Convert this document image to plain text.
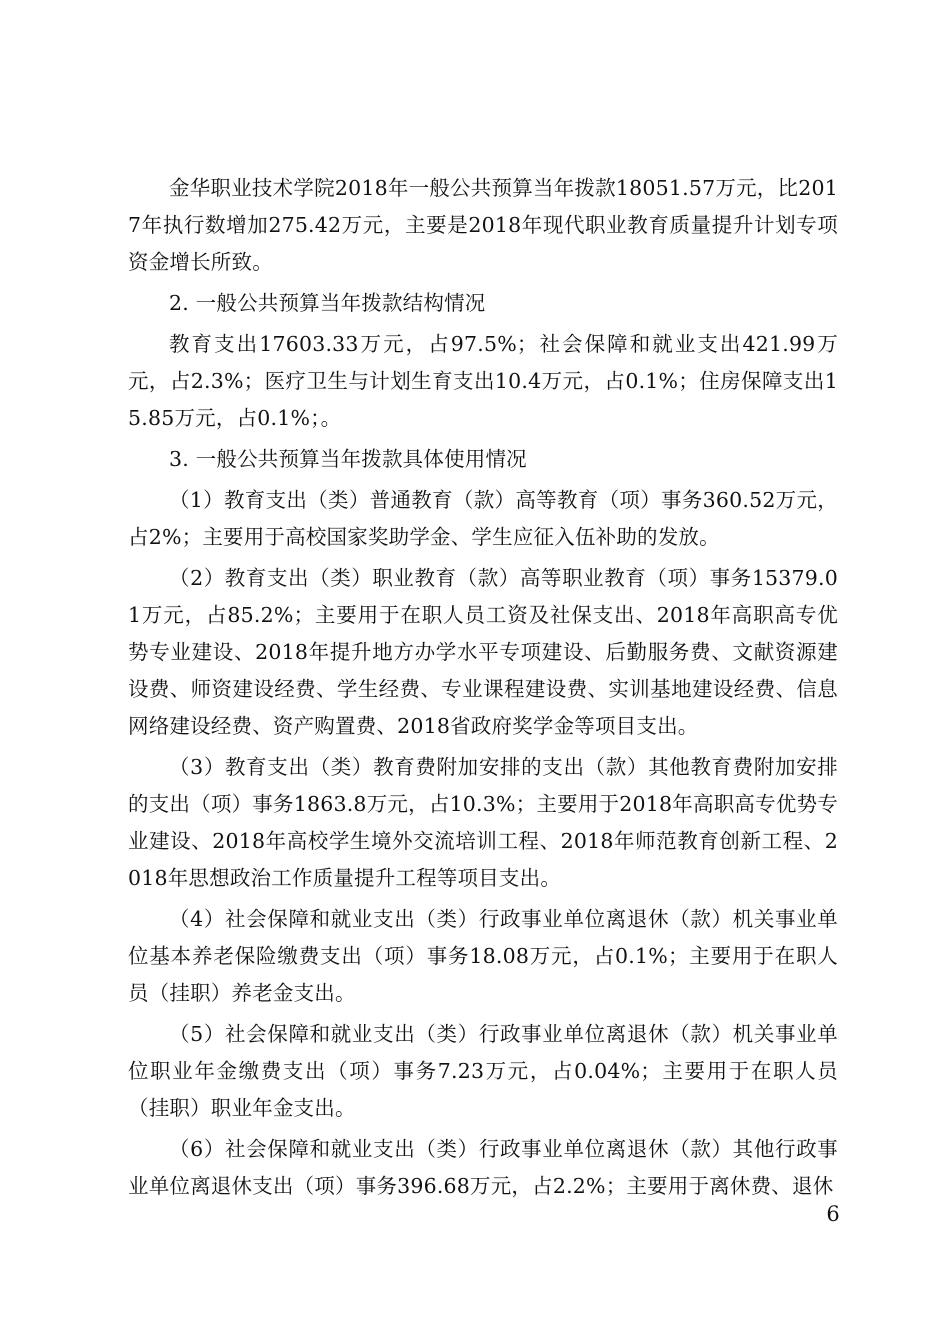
金华职业技术学院2018年一般公共预算当年拨款18051.57万元，比2017年执行数增加275.42万元，主要是2018年现代职业教育质量提升计划专项资金增长所致。

2. 一般公共预算当年拨款结构情况

教育支出17603.33万元，占97.5%；社会保障和就业支出421.99万元，占2.3%；医疗卫生与计划生育支出10.4万元，占0.1%；住房保障支出15.85万元，占0.1%；。

3. 一般公共预算当年拨款具体使用情况

（1）教育支出（类）普通教育（款）高等教育（项）事务360.52万元，占2%；主要用于高校国家奖助学金、学生应征入伍补助的发放。

（2）教育支出（类）职业教育（款）高等职业教育（项）事务15379.01万元，占85.2%；主要用于在职人员工资及社保支出、2018年高职高专优势专业建设、2018年提升地方办学水平专项建设、后勤服务费、文献资源建设费、师资建设经费、学生经费、专业课程建设费、实训基地建设经费、信息网络建设经费、资产购置费、2018省政府奖学金等项目支出。

（3）教育支出（类）教育费附加安排的支出（款）其他教育费附加安排的支出（项）事务1863.8万元，占10.3%；主要用于2018年高职高专优势专业建设、2018年高校学生境外交流培训工程、2018年师范教育创新工程、2018年思想政治工作质量提升工程等项目支出。

（4）社会保障和就业支出（类）行政事业单位离退休（款）机关事业单位基本养老保险缴费支出（项）事务18.08万元，占0.1%；主要用于在职人员（挂职）养老金支出。

（5）社会保障和就业支出（类）行政事业单位离退休（款）机关事业单位职业年金缴费支出（项）事务7.23万元，占0.04%；主要用于在职人员（挂职）职业年金支出。

（6）社会保障和就业支出（类）行政事业单位离退休（款）其他行政事业单位离退休支出（项）事务396.68万元，占2.2%；主要用于离休费、退休

6
